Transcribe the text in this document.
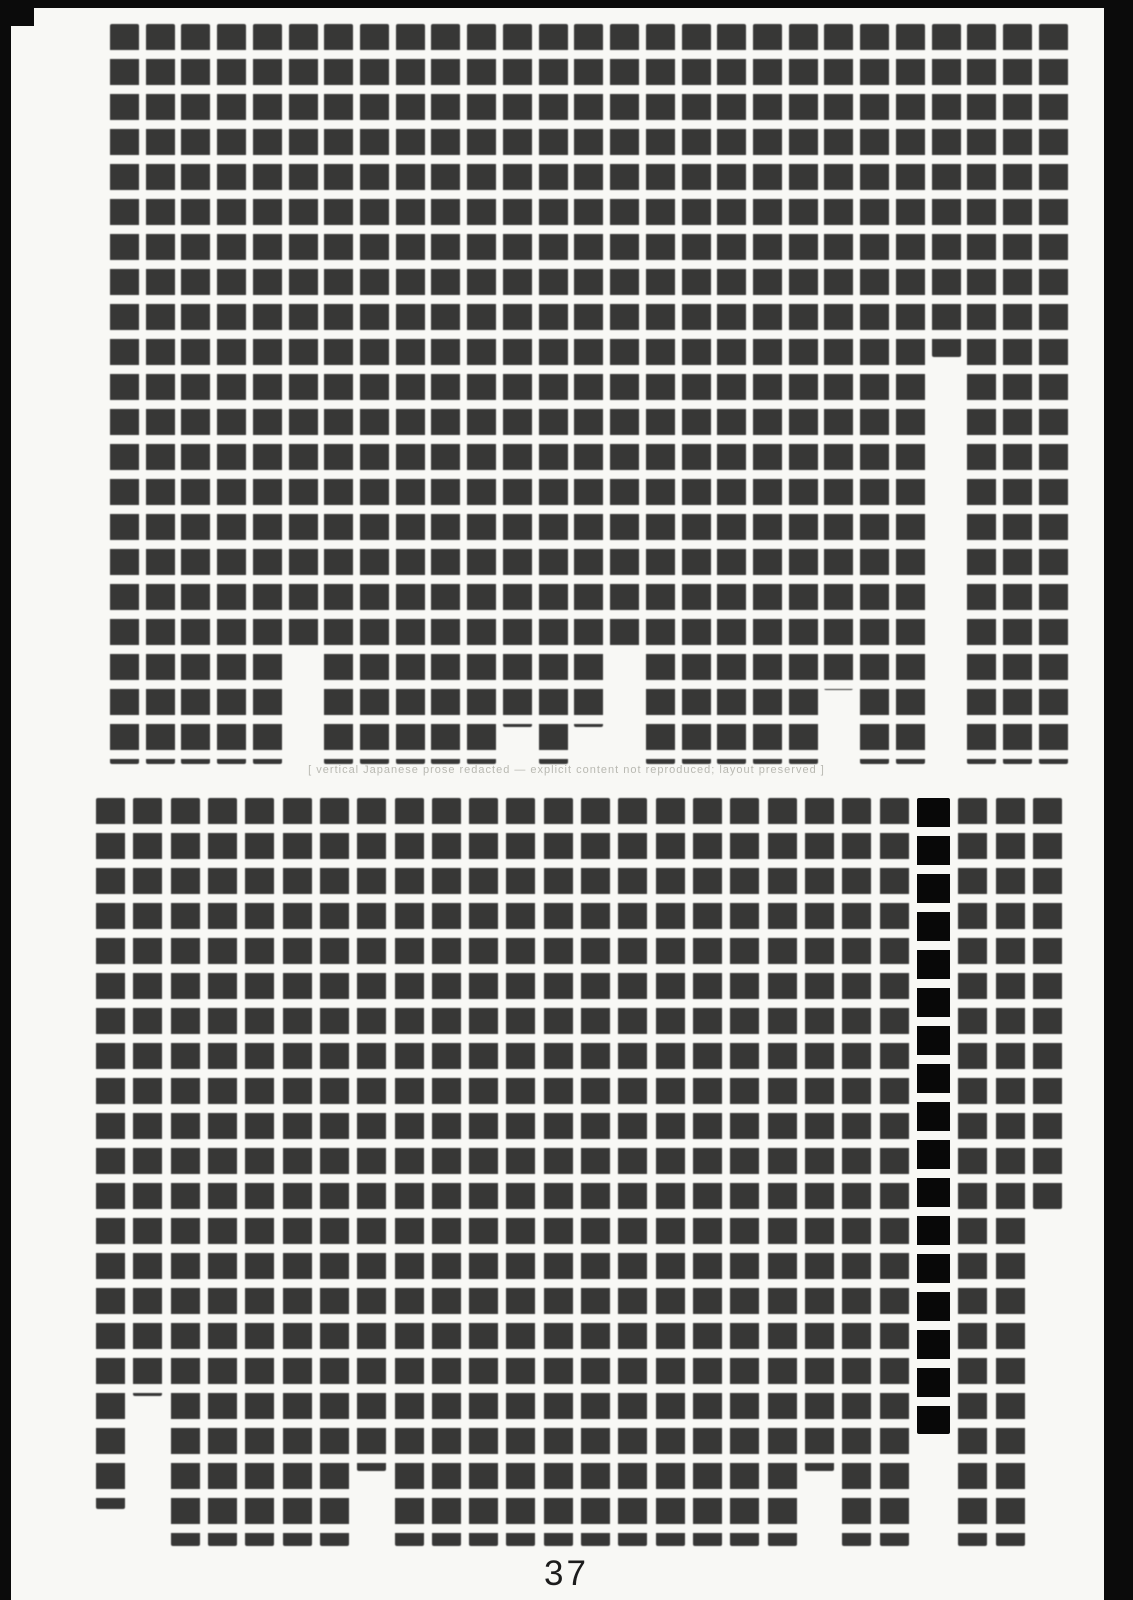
[ vertical Japanese prose redacted — explicit content not reproduced; layout preserved ]
37
